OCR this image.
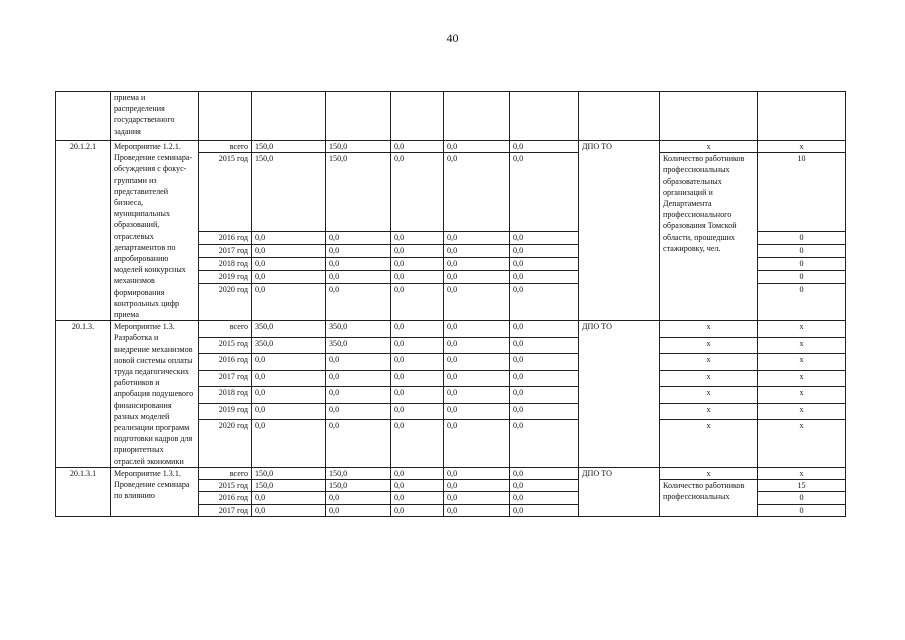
40
	приема и распределения государственного задания									
20.1.2.1	Мероприятие 1.2.1. Проведение семинара-обсуждения с фокус-группами из представителей бизнеса, муниципальных образований, отраслевых департаментов по апробированию моделей конкурсных механизмов формирования контрольных цифр приема	всего	150,0	150,0	0,0	0,0	0,0	ДПО ТО	x	x
		2015 год	150,0	150,0	0,0	0,0	0,0		Количество работников профессиональных образовательных организаций и Департамента профессионального образования Томской области, прошедших стажировку, чел.	10
		2016 год	0,0	0,0	0,0	0,0	0,0			0
		2017 год	0,0	0,0	0,0	0,0	0,0			0
		2018 год	0,0	0,0	0,0	0,0	0,0			0
		2019 год	0,0	0,0	0,0	0,0	0,0			0
		2020 год	0,0	0,0	0,0	0,0	0,0			0
20.1.3.	Мероприятие 1.3. Разработка и внедрение механизмов новой системы оплаты труда педагогических работников и апробация подушевого финансирования разных моделей реализации программ подготовки кадров для приоритетных отраслей экономики	всего	350,0	350,0	0,0	0,0	0,0	ДПО ТО	x	x
		2015 год	350,0	350,0	0,0	0,0	0,0		x	x
		2016 год	0,0	0,0	0,0	0,0	0,0		x	x
		2017 год	0,0	0,0	0,0	0,0	0,0		x	x
		2018 год	0,0	0,0	0,0	0,0	0,0		x	x
		2019 год	0,0	0,0	0,0	0,0	0,0		x	x
		2020 год	0,0	0,0	0,0	0,0	0,0		x	x
20.1.3.1	Мероприятие 1.3.1. Проведение семинара по влиянию	всего	150,0	150,0	0,0	0,0	0,0	ДПО ТО	x	x
		2015 год	150,0	150,0	0,0	0,0	0,0		Количество работников профессиональных	15
		2016 год	0,0	0,0	0,0	0,0	0,0			0
		2017 год	0,0	0,0	0,0	0,0	0,0			0
